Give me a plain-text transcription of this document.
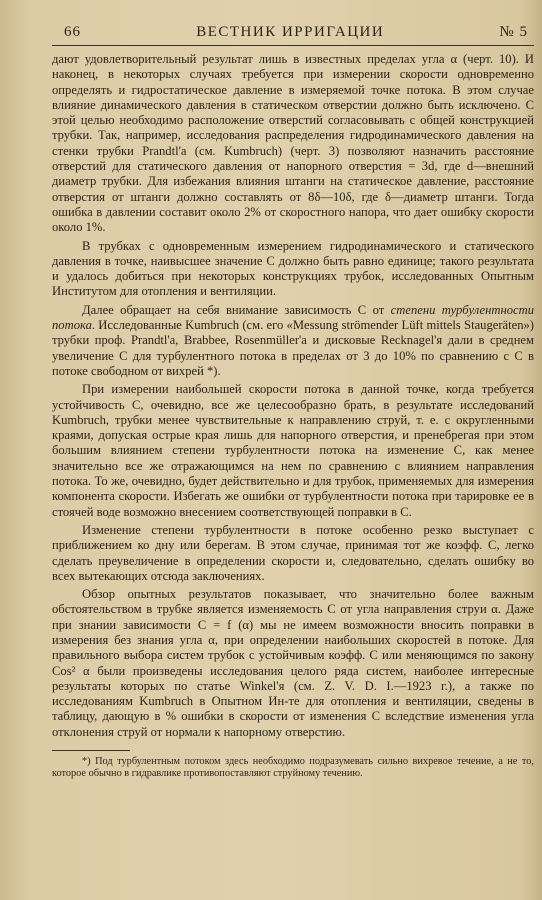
66	ВЕСТНИК ИРРИГАЦИИ	№ 5

дают удовлетворительный результат лишь в известных пределах угла α (черт. 10). И наконец, в некоторых случаях требуется при измерении скорости одновременно определять и гидростатическое давление в измеряемой точке потока. В этом случае влияние динамического давления в статическом отверстии должно быть исключено. С этой целью необходимо расположение отверстий согласовывать с общей конструкцией трубки. Так, например, исследования распределения гидродинамического давления на стенки трубки Prandtl'a (см. Kumbruch) (черт. 3) позволяют назначить расстояние отверстий для статического давления от напорного отверстия = 3d, где d—внешний диаметр трубки. Для избежания влияния штанги на статическое давление, расстояние отверстия от штанги должно составлять от 8δ—10δ, где δ—диаметр штанги. Тогда ошибка в давлении составит около 2% от скоростного напора, что дает ошибку скорости около 1%.

В трубках с одновременным измерением гидродинамического и статического давления в точке, наивысшее значение С должно быть равно единице; такого результата и удалось добиться при некоторых конструкциях трубок, исследованных Опытным Институтом для отопления и вентиляции.

Далее обращает на себя внимание зависимость С от степени турбулентности потока. Исследованные Kumbruch (см. его «Messung strömender Lüft mittels Staugeräten») трубки проф. Prandtl'a, Brabbee, Rosenmüller'a и дисковые Recknagel'я дали в среднем увеличение С для турбулентного потока в пределах от 3 до 10% по сравнению с С в потоке свободном от вихрей *).

При измерении наибольшей скорости потока в данной точке, когда требуется устойчивость С, очевидно, все же целесообразно брать, в результате исследований Kumbruch, трубки менее чувствительные к направлению струй, т. е. с округленными краями, допуская острые края лишь для напорного отверстия, и пренебрегая при этом большим влиянием степени турбулентности потока на изменение С, как менее значительно все же отражающимся на нем по сравнению с влиянием направления потока. То же, очевидно, будет действительно и для трубок, применяемых для измерения компонента скорости. Избегать же ошибки от турбулентности потока при тарировке ее в стоячей воде возможно внесением соответствующей поправки в С.

Изменение степени турбулентности в потоке особенно резко выступает с приближением ко дну или берегам. В этом случае, принимая тот же коэфф. С, легко сделать преувеличение в определении скорости и, следовательно, сделать ошибку во всех вытекающих отсюда заключениях.

Обзор опытных результатов показывает, что значительно более важным обстоятельством в трубке является изменяемость С от угла направления струи α. Даже при знании зависимости С = f (α) мы не имеем возможности вносить поправки в измерения без знания угла α, при определении наибольших скоростей в потоке. Для правильного выбора систем трубок с устойчивым коэфф. С или меняющимся по закону Cos² α были произведены исследования целого ряда систем, наиболее интересные результаты которых по статье Winkel'я (см. Z. V. D. I.—1923 г.), а также по исследованиям Kumbruch в Опытном Ин-те для отопления и вентиляции, сведены в таблицу, дающую в % ошибки в скорости от изменения С вследствие изменения угла отклонения струй от нормали к напорному отверстию.

*) Под турбулентным потоком здесь необходимо подразумевать сильно вихревое течение, а не то, которое обычно в гидравлике противопоставляют струйному течению.
